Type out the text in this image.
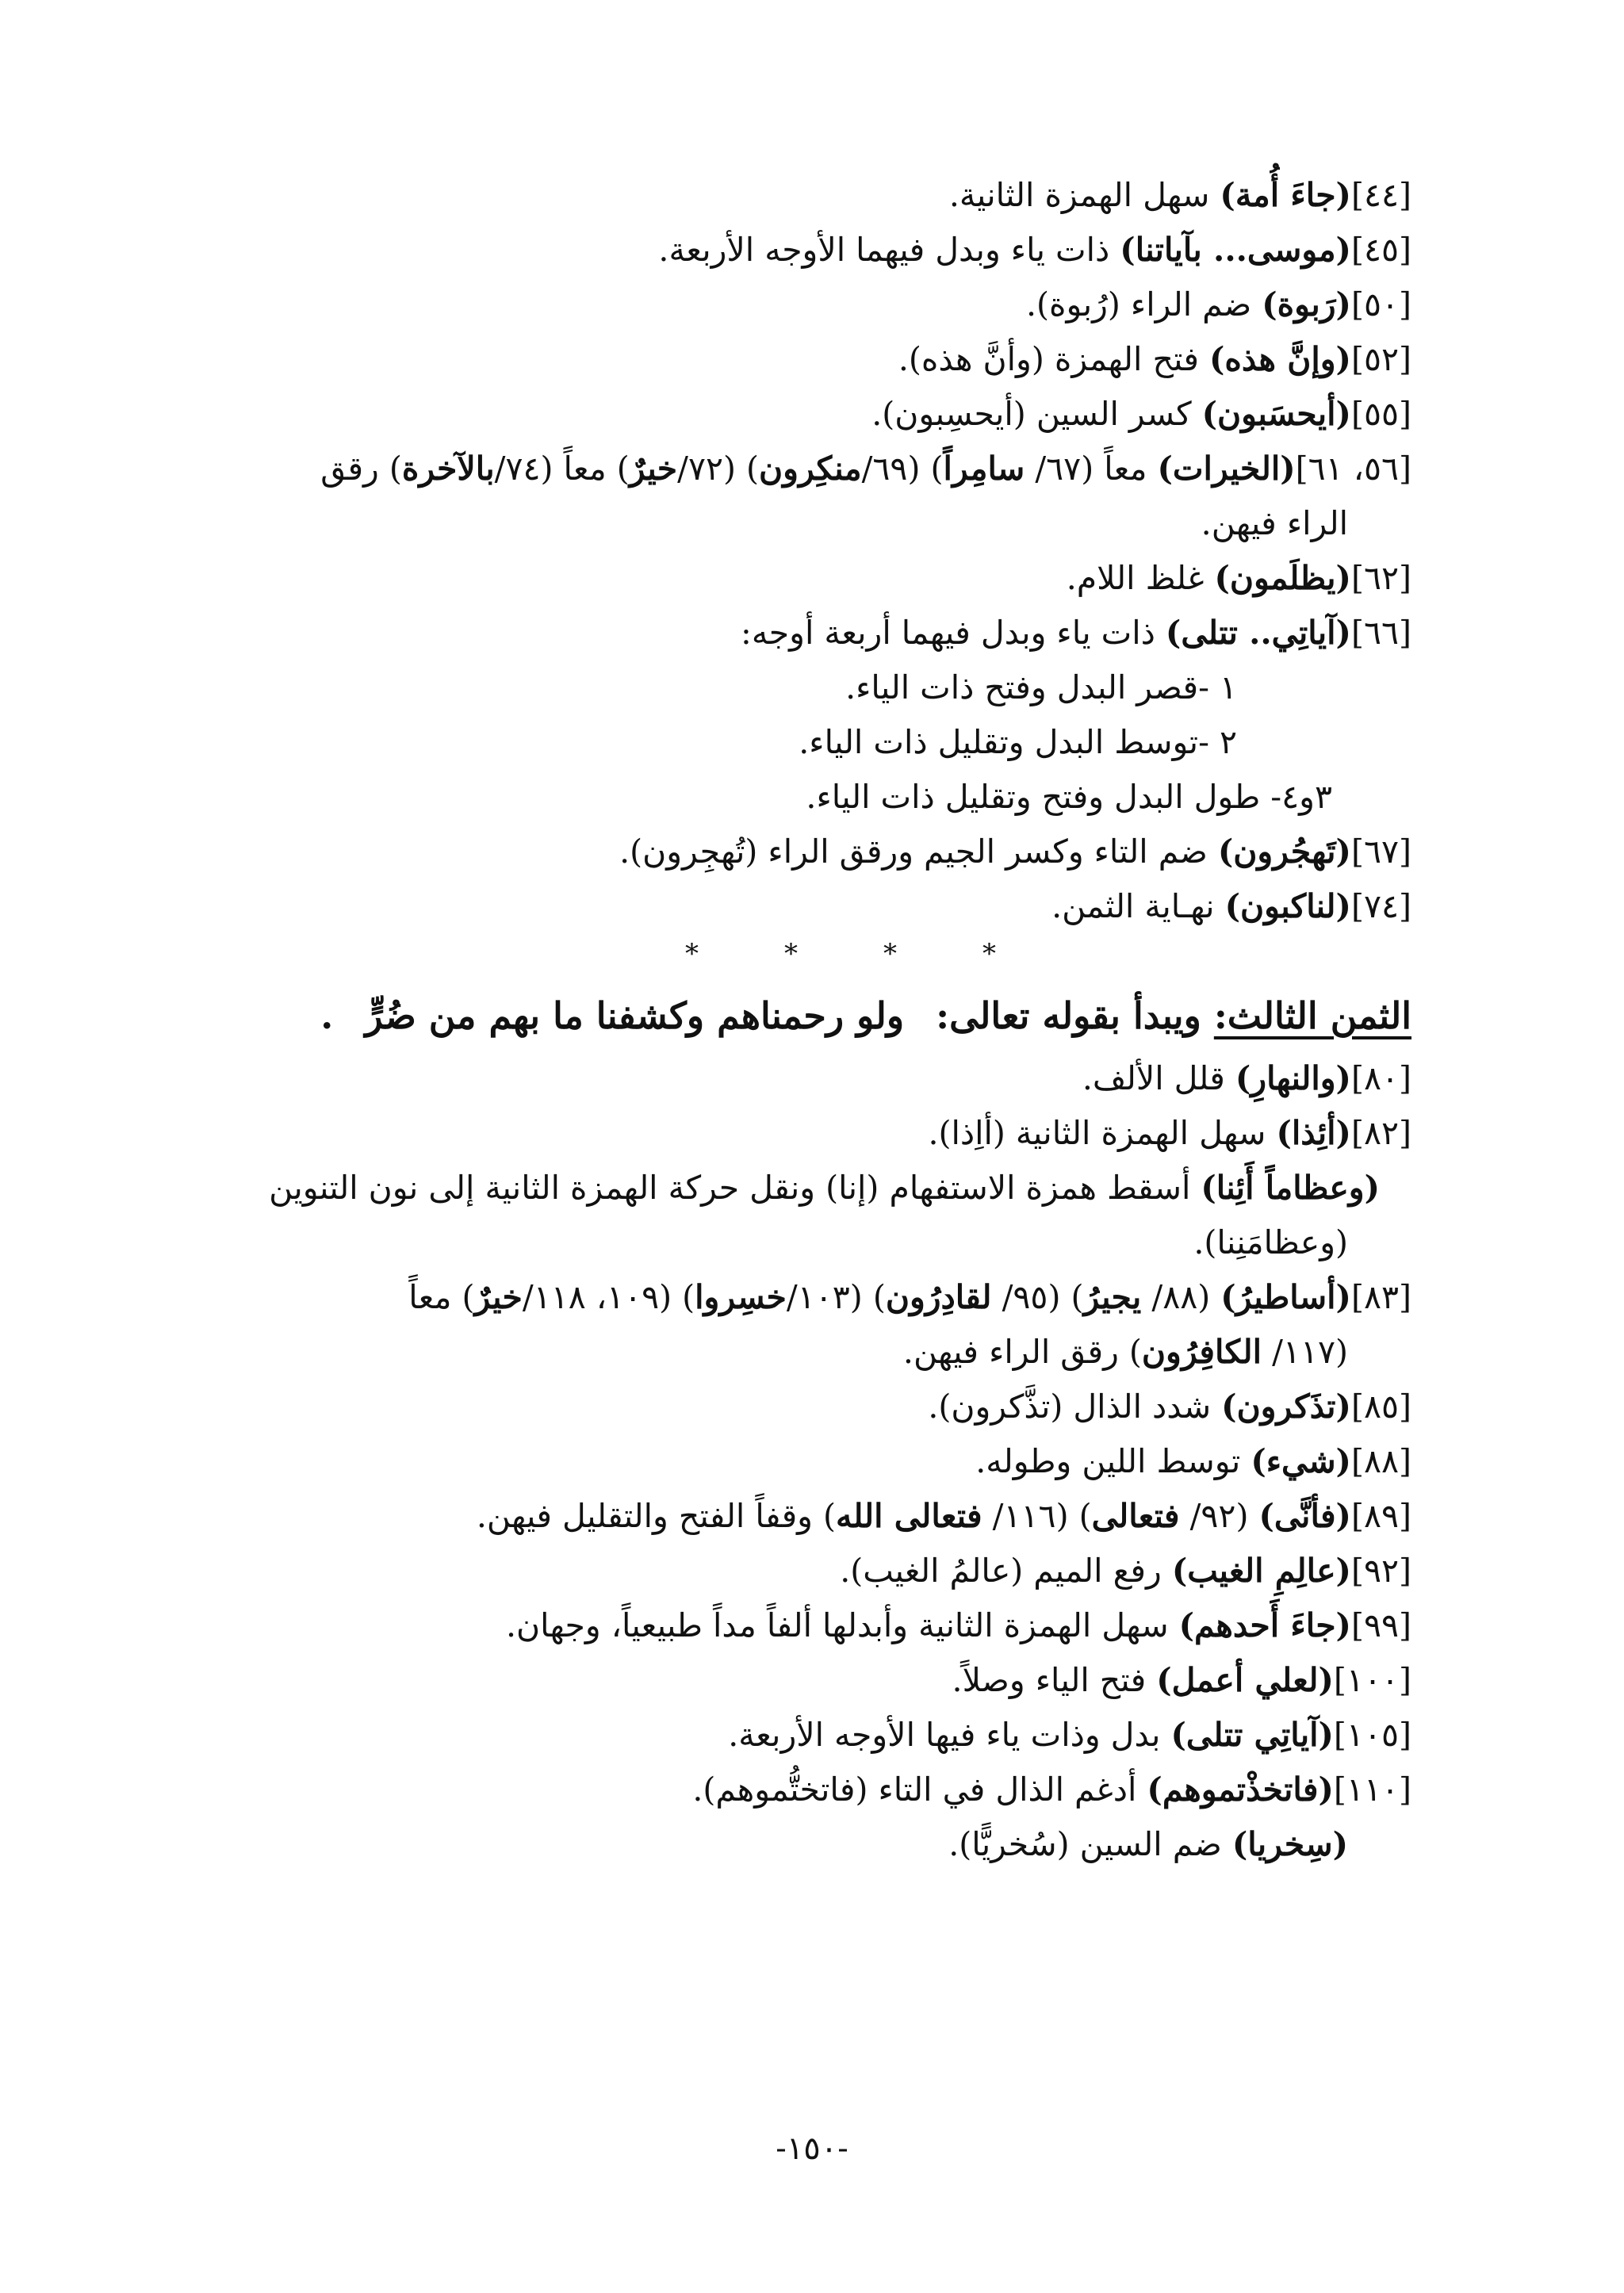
[٤٤](جاءَ أُمة) سهل الهمزة الثانية.

[٤٥](موسى... بآياتنا) ذات ياء وبدل فيهما الأوجه الأربعة.

[٥٠](رَبوة) ضم الراء (رُبوة).

[٥٢](وإنَّ هذه) فتح الهمزة (وأنَّ هذه).

[٥٥](أيحسَبون) كسر السين (أيحسِبون).

[٥٦، ٦١](الخيرات) معاً (٦٧/ سامِراً) (٦٩/منكِرون) (٧٢/خيرٌ) معاً (٧٤/بالآخرة) رقق

الراء فيهن.

[٦٢](يظلَمون) غلظ اللام.

[٦٦](آياتِي.. تتلى) ذات ياء وبدل فيهما أربعة أوجه:

١ -قصر البدل وفتح ذات الياء.

٢ -توسط البدل وتقليل ذات الياء.

٣و٤- طول البدل وفتح وتقليل ذات الياء.

[٦٧](تَهجُرون) ضم التاء وكسر الجيم ورقق الراء (تُهجِرون).

[٧٤](لناكبون) نهـاية الثمن.

****
الثمن الثالث: ويبدأ بقوله تعالى:ولو رحمناهم وكشفنا ما بهم من ضُرٍّ.

[٨٠](والنهارِ) قلل الألف.

[٨٢](أئِذا) سهل الهمزة الثانية (أاِذا).

(وعظاماً أَئِنا) أسقط همزة الاستفهام (إنا) ونقل حركة الهمزة الثانية إلى نون التنوين

(وعظامَنِنا).

[٨٣](أساطيرُ) (٨٨/ يجيرُ) (٩٥/ لقادِرُون) (١٠٣/خسِروا) (١٠٩، ١١٨/خيرٌ) معاً

(١١٧/ الكافِرُون) رقق الراء فيهن.

[٨٥](تذَكرون) شدد الذال (تذَّكرون).

[٨٨](شيء) توسط اللين وطوله.

[٨٩](فأنَّى) (٩٢/ فتعالى) (١١٦/ فتعالى الله) وقفاً الفتح والتقليل فيهن.

[٩٢](عالِمِ الغيب) رفع الميم (عالمُ الغيب).

[٩٩](جاءَ أَحدهم) سهل الهمزة الثانية وأبدلها ألفاً مداً طبيعياً، وجهان.

[١٠٠](لعلي أعمل) فتح الياء وصلاً.

[١٠٥](آياتِي تتلى) بدل وذات ياء فيها الأوجه الأربعة.

[١١٠](فاتخذْتموهم) أدغم الذال في التاء (فاتختُّموهم).

(سِخريا) ضم السين (سُخريًّا).

-١٥٠-
